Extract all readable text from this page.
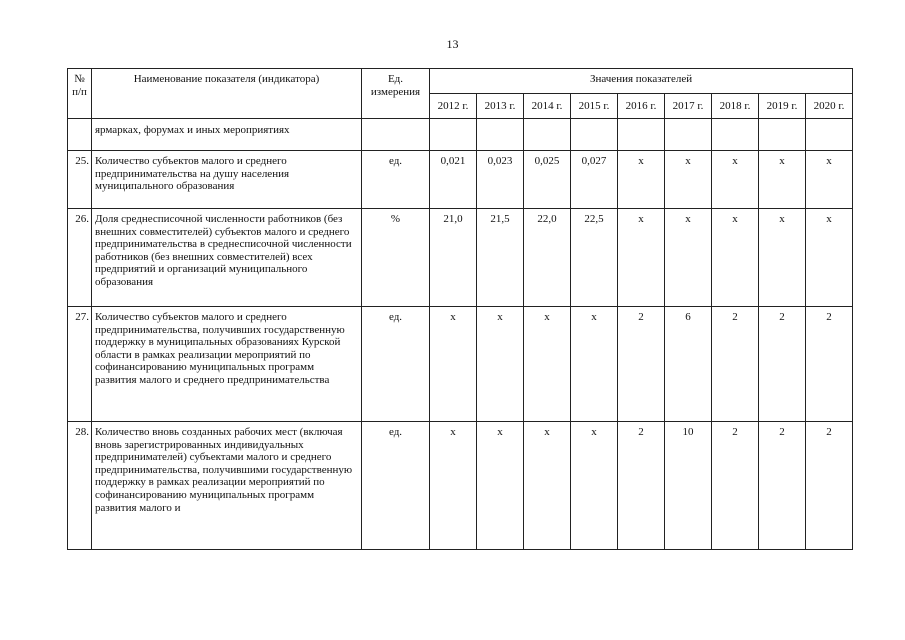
13
№ п/п	Наименование показателя (индикатора)	Ед. измерения	Значения показателей								
			2012 г.	2013 г.	2014 г.	2015 г.	2016 г.	2017 г.	2018 г.	2019 г.	2020 г.
	ярмарках, форумах и иных мероприятиях										
25.	Количество субъектов малого и среднего предпринимательства на душу населения муниципального образования	ед.	0,021	0,023	0,025	0,027	х	х	х	х	х
26.	Доля среднесписочной численности работников (без внешних совместителей) субъектов малого и среднего предпринимательства в среднесписочной численности работников (без внешних совместителей) всех предприятий и организаций муниципального образования	%	21,0	21,5	22,0	22,5	х	х	х	х	х
27.	Количество субъектов малого и среднего предпринимательства, получивших государственную поддержку в муниципальных образованиях Курской области в рамках реализации мероприятий по софинансированию муниципальных программ развития малого и среднего предпринимательства	ед.	х	х	х	х	2	6	2	2	2
28.	Количество вновь созданных рабочих мест (включая вновь зарегистрированных индивидуальных предпринимателей) субъектами малого и среднего предпринимательства, получившими государственную поддержку в рамках реализации мероприятий по софинансированию муниципальных программ развития малого и	ед.	х	х	х	х	2	10	2	2	2
